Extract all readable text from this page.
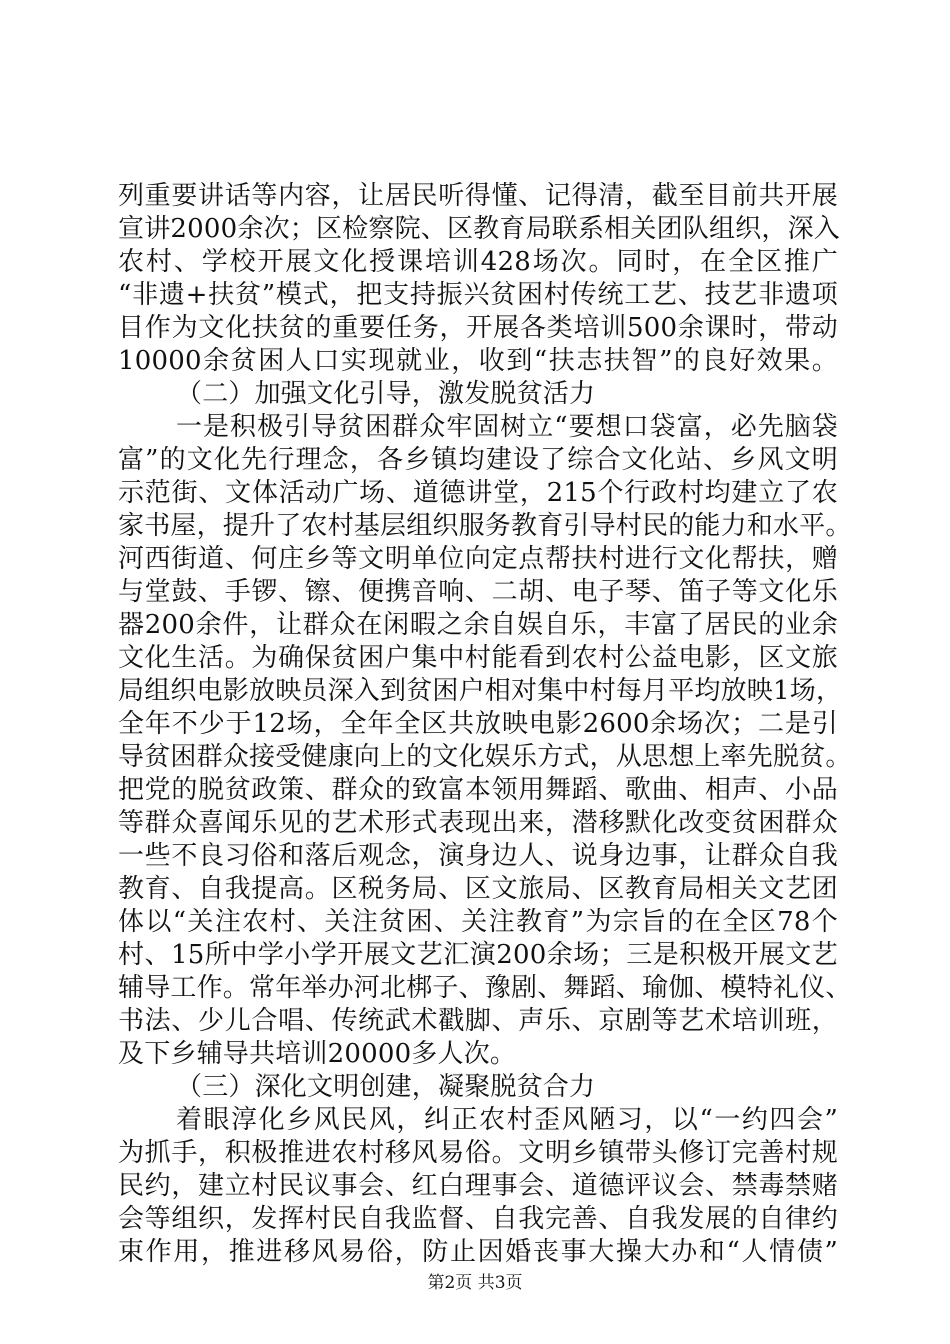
列重要讲话等内容，让居民听得懂、记得清，截至目前共开展
宣讲2000余次；区检察院、区教育局联系相关团队组织，深入
农村、学校开展文化授课培训428场次。同时，在全区推广
“非遗+扶贫”模式，把支持振兴贫困村传统工艺、技艺非遗项
目作为文化扶贫的重要任务，开展各类培训500余课时，带动
10000余贫困人口实现就业，收到“扶志扶智”的良好效果。
（二）加强文化引导，激发脱贫活力
一是积极引导贫困群众牢固树立“要想口袋富，必先脑袋
富”的文化先行理念，各乡镇均建设了综合文化站、乡风文明
示范街、文体活动广场、道德讲堂，215个行政村均建立了农
家书屋，提升了农村基层组织服务教育引导村民的能力和水平。
河西街道、何庄乡等文明单位向定点帮扶村进行文化帮扶，赠
与堂鼓、手锣、镲、便携音响、二胡、电子琴、笛子等文化乐
器200余件，让群众在闲暇之余自娱自乐，丰富了居民的业余
文化生活。为确保贫困户集中村能看到农村公益电影，区文旅
局组织电影放映员深入到贫困户相对集中村每月平均放映1场，
全年不少于12场，全年全区共放映电影2600余场次；二是引
导贫困群众接受健康向上的文化娱乐方式，从思想上率先脱贫。
把党的脱贫政策、群众的致富本领用舞蹈、歌曲、相声、小品
等群众喜闻乐见的艺术形式表现出来，潜移默化改变贫困群众
一些不良习俗和落后观念，演身边人、说身边事，让群众自我
教育、自我提高。区税务局、区文旅局、区教育局相关文艺团
体以“关注农村、关注贫困、关注教育”为宗旨的在全区78个
村、15所中学小学开展文艺汇演200余场；三是积极开展文艺
辅导工作。常年举办河北梆子、豫剧、舞蹈、瑜伽、模特礼仪、
书法、少儿合唱、传统武术戳脚、声乐、京剧等艺术培训班，
及下乡辅导共培训20000多人次。
（三）深化文明创建，凝聚脱贫合力
着眼淳化乡风民风，纠正农村歪风陋习，以“一约四会”
为抓手，积极推进农村移风易俗。文明乡镇带头修订完善村规
民约，建立村民议事会、红白理事会、道德评议会、禁毒禁赌
会等组织，发挥村民自我监督、自我完善、自我发展的自律约
束作用，推进移风易俗，防止因婚丧事大操大办和“人情债”
第2页 共3页
